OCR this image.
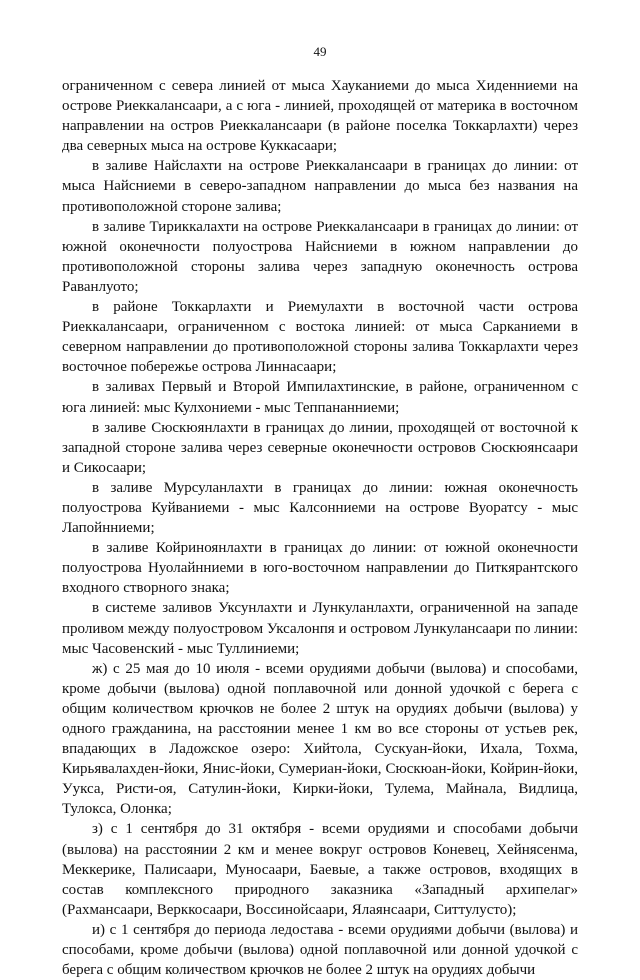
49

ограниченном с севера линией от мыса Хауканиеми до мыса Хиденниеми на острове Риеккалансаари, а с юга - линией, проходящей от материка в восточном направлении на остров Риеккалансаари (в районе поселка Токкарлахти) через два северных мыса на острове Куккасаари;

в заливе Найслахти на острове Риеккалансаари в границах до линии: от мыса Найсниеми в северо-западном направлении до мыса без названия на противоположной стороне залива;

в заливе Тириккалахти на острове Риеккалансаари в границах до линии: от южной оконечности полуострова Найсниеми в южном направлении до противоположной стороны залива через западную оконечность острова Раванлуото;

в районе Токкарлахти и Риемулахти в восточной части острова Риеккалансаари, ограниченном с востока линией: от мыса Сарканиеми в северном направлении до противоположной стороны залива Токкарлахти через восточное побережье острова Линнасаари;

в заливах Первый и Второй Импилахтинские, в районе, ограниченном с юга линией: мыс Кулхониеми - мыс Теппананниеми;

в заливе Сюскюянлахти в границах до линии, проходящей от восточной к западной стороне залива через северные оконечности островов Сюскюянсаари и Сикосаари;

в заливе Мурсуланлахти в границах до линии: южная оконечность полуострова Куйваниеми - мыс Калсонниеми на острове Вуоратсу - мыс Лапойнниеми;

в заливе Койриноянлахти в границах до линии: от южной оконечности полуострова Нуолайнниеми в юго-восточном направлении до Питкярантского входного створного знака;

в системе заливов Уксунлахти и Лункуланлахти, ограниченной на западе проливом между полуостровом Уксалонпя и островом Лункулансаари по линии: мыс Часовенский - мыс Туллиниеми;

ж) с 25 мая до 10 июля - всеми орудиями добычи (вылова) и способами, кроме добычи (вылова) одной поплавочной или донной удочкой с берега с общим количеством крючков не более 2 штук на орудиях добычи (вылова) у одного гражданина, на расстоянии менее 1 км во все стороны от устьев рек, впадающих в Ладожское озеро: Хийтола, Сускуан-йоки, Ихала, Тохма, Кирьявалахден-йоки, Янис-йоки, Сумериан-йоки, Сюскюан-йоки, Койрин-йоки, Уукса, Ристи-оя, Сатулин-йоки, Кирки-йоки, Тулема, Майнала, Видлица, Тулокса, Олонка;

з) с 1 сентября до 31 октября - всеми орудиями и способами добычи (вылова) на расстоянии 2 км и менее вокруг островов Коневец, Хейнясенма, Меккерике, Палисаари, Муносаари, Баевые, а также островов, входящих в состав комплексного природного заказника «Западный архипелаг» (Рахмансаари, Верккосаари, Воссинойсаари, Ялаянсаари, Ситтулусто);

и) с 1 сентября до периода ледостава - всеми орудиями добычи (вылова) и способами, кроме добычи (вылова) одной поплавочной или донной удочкой с берега с общим количеством крючков не более 2 штук на орудиях добычи
